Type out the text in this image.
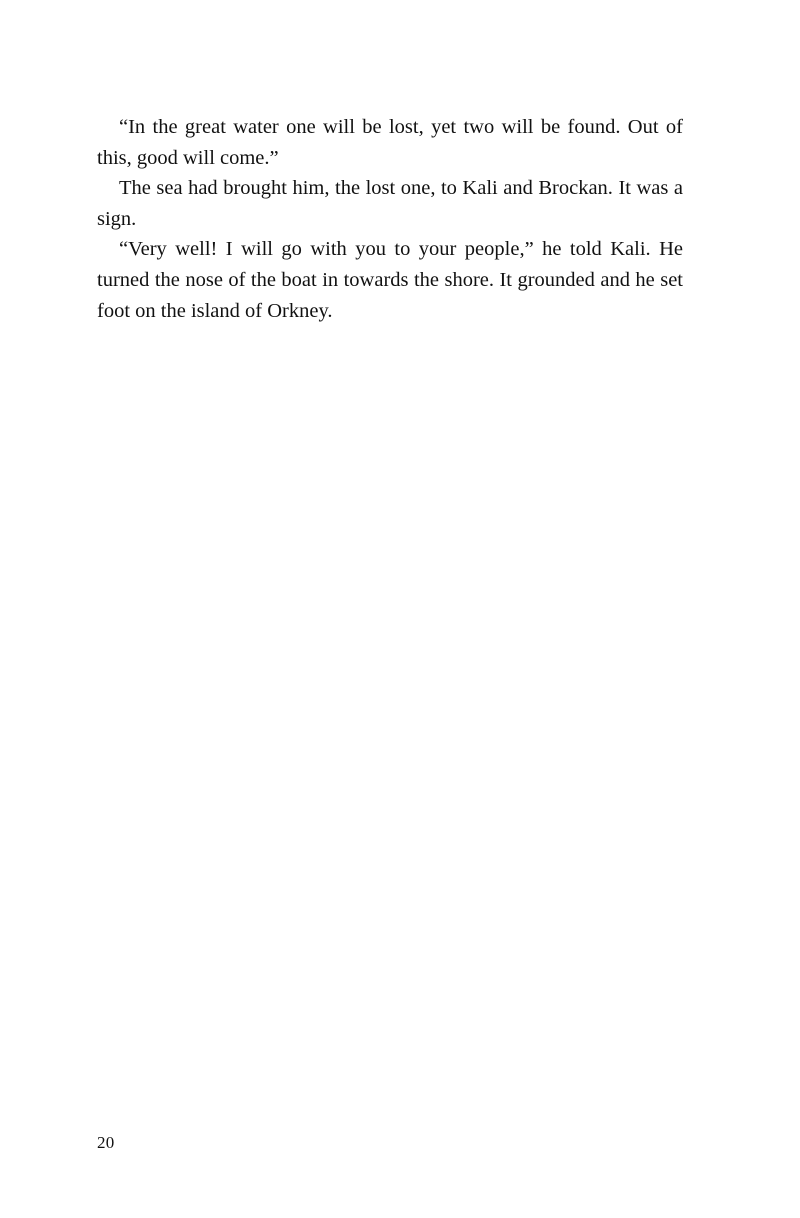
“In the great water one will be lost, yet two will be found. Out of this, good will come.”

The sea had brought him, the lost one, to Kali and Brockan. It was a sign.

“Very well! I will go with you to your people,” he told Kali. He turned the nose of the boat in towards the shore. It grounded and he set foot on the island of Orkney.

20
